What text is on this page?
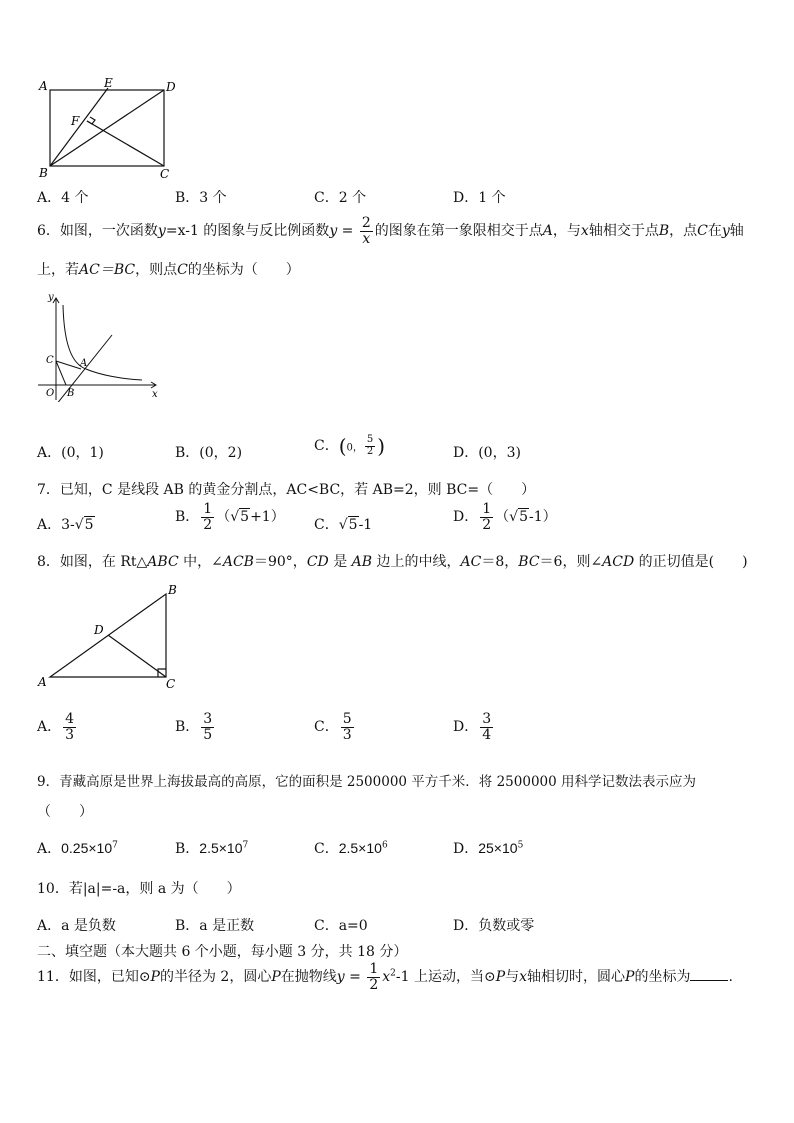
A	E	D
F
B	C
A．4 个	B．3 个	C．2 个	D．1 个
6．如图，一次函数y=x-1 的图象与反比例函数$y = \frac{2}{x}$ 的图象在第一象限相交于点A，与x轴相交于点B，点C在y轴
上，若AC＝BC，则点C的坐标为（　　）
y
x
C	A
O B
A．(0，1)	B．(0，2)	C．(0， $\frac{5}{2}$ )	D．(0，3)
7．已知，C 是线段 AB 的黄金分割点，AC<BC，若 AB=2，则 BC=（　　）
A．3-√5	B． $\frac{1}{2} (√5+1)$ C．√5-1	D． $\frac{1}{2} (√5-1)$
8．如图，在 Rt△ABC 中，∠ACB＝90°，CD 是 AB 边上的中线，AC＝8，BC＝6，则∠ACD 的正切值是(　　)
B
D
A	C
A． $\frac{4}{3}$	B． $\frac{3}{5}$	C． $\frac{5}{3}$	D． $\frac{3}{4}$
9．青藏高原是世界上海拔最高的高原，它的面积是 2500000 平方千米．将 2500000 用科学记数法表示应为
（　　）
A．$0.25\times 10^7$	B．$2.5\times 10^7$	C．$2.5\times 10^6$	D．$25\times 10^5$
10．若|a|=-a，则 a 为（　　）
A．a 是负数	B．a 是正数	C．a=0	D．负数或零
二、填空题（本大题共 6 个小题，每小题 3 分，共 18 分）
11．如图，已知⊙P的半径为 2，圆心P在抛物线$y = \frac{1}{2} x^2-1$ 上运动，当⊙P与x轴相切时，圆心P的坐标为	.
